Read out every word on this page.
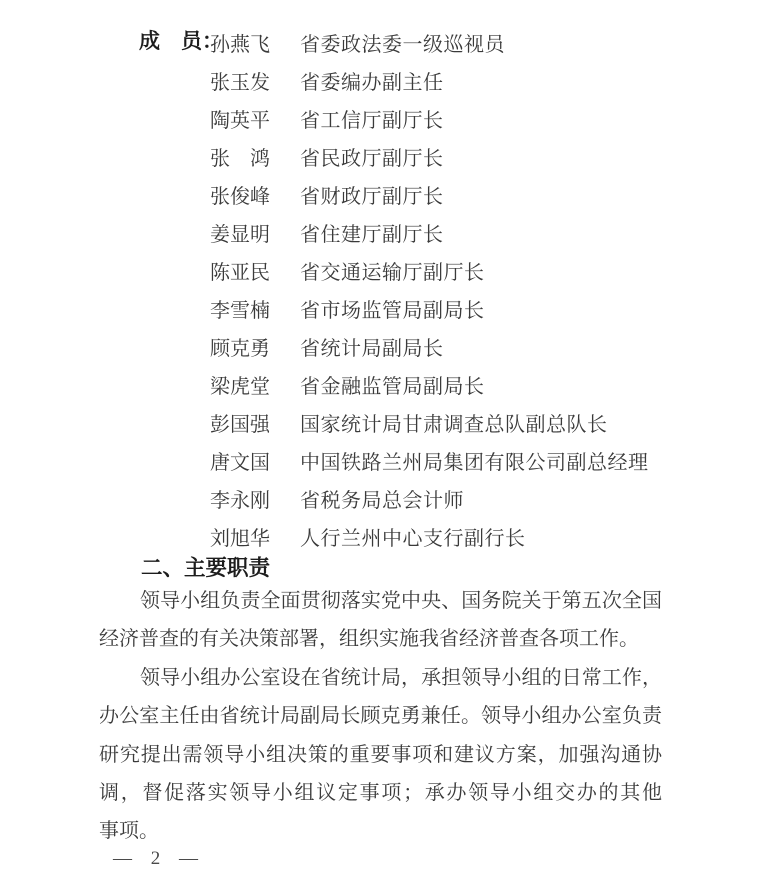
成　员：
孙燕飞 省委政法委一级巡视员
张玉发 省委编办副主任
陶英平 省工信厅副厅长
张　鸿 省民政厅副厅长
张俊峰 省财政厅副厅长
姜显明 省住建厅副厅长
陈亚民 省交通运输厅副厅长
李雪楠 省市场监管局副局长
顾克勇 省统计局副局长
梁虎堂 省金融监管局副局长
彭国强 国家统计局甘肃调查总队副总队长
唐文国 中国铁路兰州局集团有限公司副总经理
李永刚 省税务局总会计师
刘旭华 人行兰州中心支行副行长
二、主要职责
领导小组负责全面贯彻落实党中央、国务院关于第五次全国
经济普查的有关决策部署，组织实施我省经济普查各项工作。
领导小组办公室设在省统计局，承担领导小组的日常工作，
办公室主任由省统计局副局长顾克勇兼任。领导小组办公室负责
研究提出需领导小组决策的重要事项和建议方案，加强沟通协
调，督促落实领导小组议定事项；承办领导小组交办的其他
事项。
— 2 —
